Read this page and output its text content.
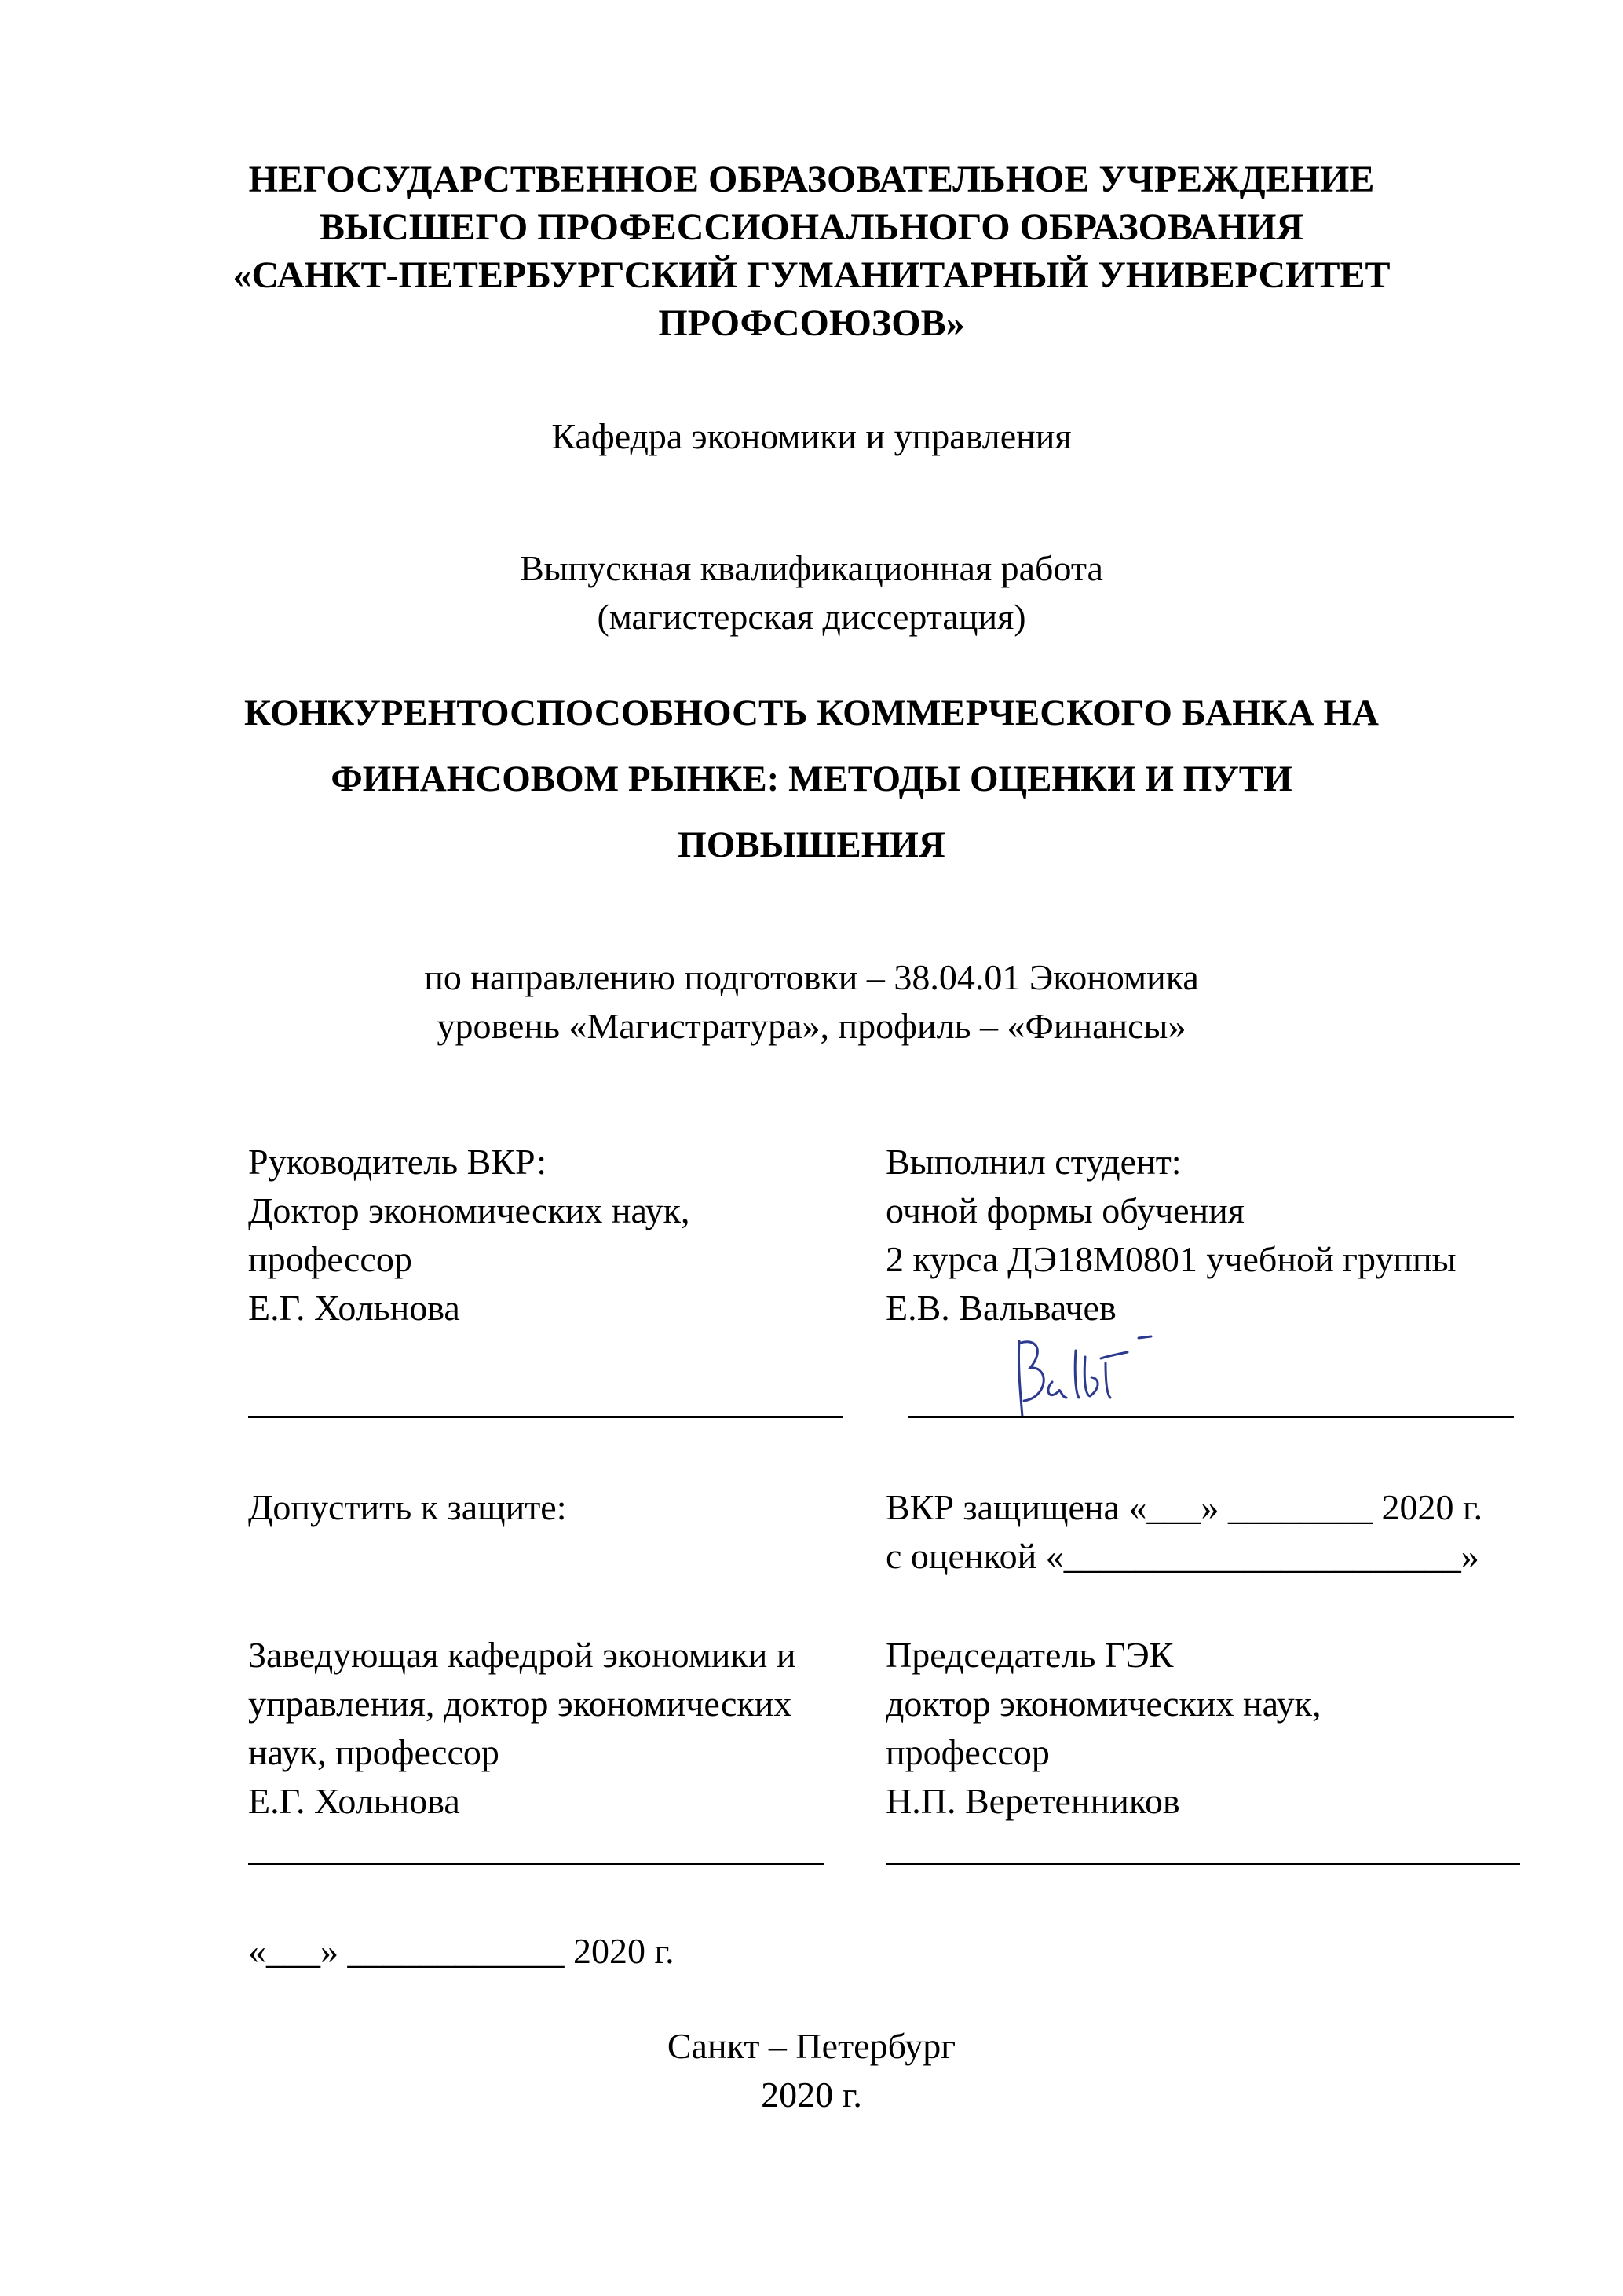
НЕГОСУДАРСТВЕННОЕ ОБРАЗОВАТЕЛЬНОЕ УЧРЕЖДЕНИЕ
ВЫСШЕГО ПРОФЕССИОНАЛЬНОГО ОБРАЗОВАНИЯ
«САНКТ-ПЕТЕРБУРГСКИЙ ГУМАНИТАРНЫЙ УНИВЕРСИТЕТ
ПРОФСОЮЗОВ»
Кафедра экономики и управления
Выпускная квалификационная работа
(магистерская диссертация)
КОНКУРЕНТОСПОСОБНОСТЬ КОММЕРЧЕСКОГО БАНКА НА
ФИНАНСОВОМ РЫНКЕ: МЕТОДЫ ОЦЕНКИ И ПУТИ
ПОВЫШЕНИЯ
по направлению подготовки – 38.04.01 Экономика
уровень «Магистратура», профиль – «Финансы»
Руководитель ВКР:
Доктор экономических наук,
профессор
Е.Г. Хольнова
Выполнил студент:
очной формы обучения
2 курса ДЭ18М0801 учебной группы
Е.В. Вальвачев
Допустить к защите:	ВКР защищена «___» ________ 2020 г.
с оценкой «______________________»
Заведующая кафедрой экономики и
управления, доктор экономических
наук, профессор
Е.Г. Хольнова
Председатель ГЭК
доктор экономических наук,
профессор
Н.П. Веретенников
«___» ____________ 2020 г.
Санкт – Петербург
2020 г.
